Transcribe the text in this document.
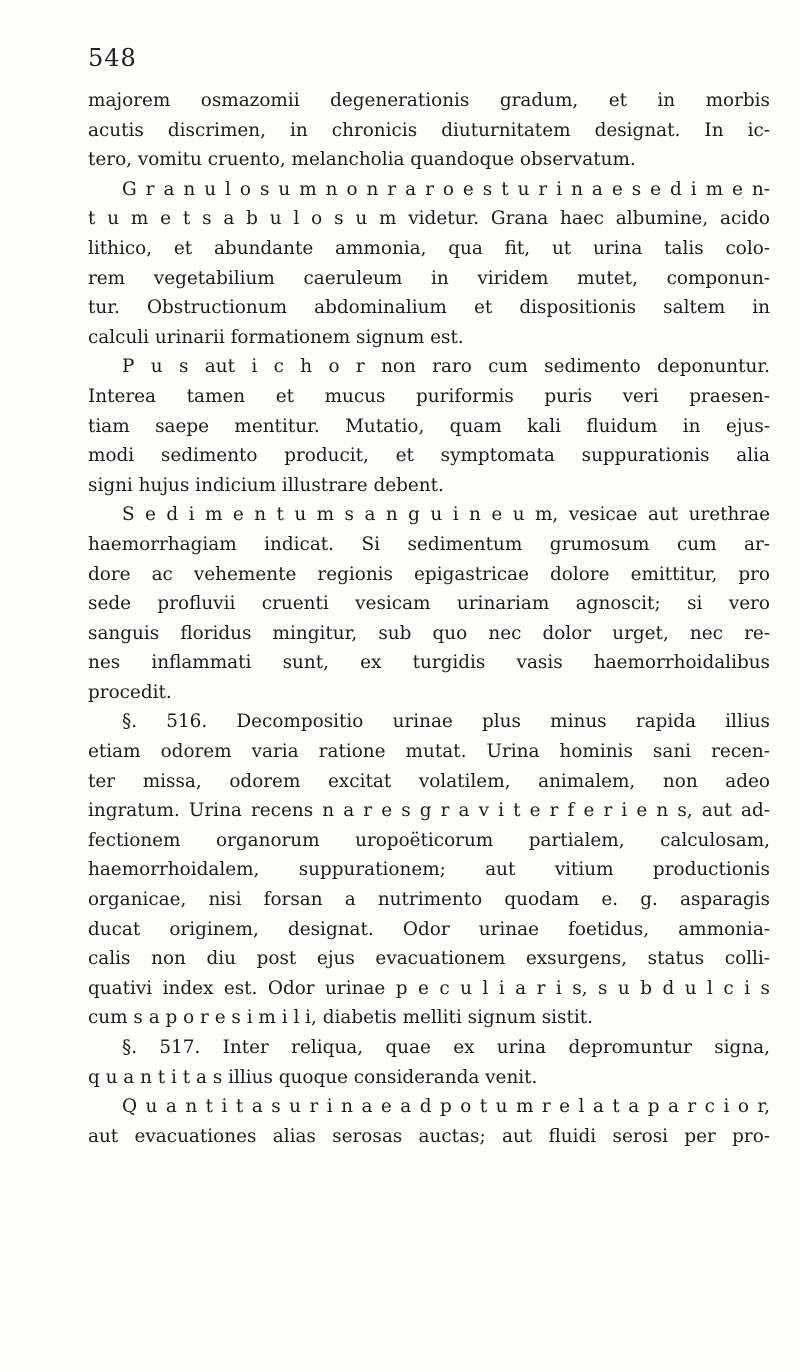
548
majorem osmazomii degenerationis gradum, et in morbis
acutis discrimen, in chronicis diuturnitatem designat. In ic-
tero, vomitu cruento, melancholia quandoque observatum.
G r a n u l o s u m n o n r a r o e s t u r i n a e s e d i m e n-
t u m e t s a b u l o s u m videtur. Grana haec albumine, acido
lithico, et abundante ammonia, qua fit, ut urina talis colo-
rem vegetabilium caeruleum in viridem mutet, componun-
tur. Obstructionum abdominalium et dispositionis saltem in
calculi urinarii formationem signum est.
P u s aut i c h o r non raro cum sedimento deponuntur.
Interea tamen et mucus puriformis puris veri praesen-
tiam saepe mentitur. Mutatio, quam kali fluidum in ejus-
modi sedimento producit, et symptomata suppurationis alia
signi hujus indicium illustrare debent.
S e d i m e n t u m s a n g u i n e u m, vesicae aut urethrae
haemorrhagiam indicat. Si sedimentum grumosum cum ar-
dore ac vehemente regionis epigastricae dolore emittitur, pro
sede profluvii cruenti vesicam urinariam agnoscit; si vero
sanguis floridus mingitur, sub quo nec dolor urget, nec re-
nes inflammati sunt, ex turgidis vasis haemorrhoidalibus
procedit.
§. 516. Decompositio urinae plus minus rapida illius
etiam odorem varia ratione mutat. Urina hominis sani recen-
ter missa, odorem excitat volatilem, animalem, non adeo
ingratum. Urina recens n a r e s g r a v i t e r f e r i e n s, aut ad-
fectionem organorum uropoëticorum partialem, calculosam,
haemorrhoidalem, suppurationem; aut vitium productionis
organicae, nisi forsan a nutrimento quodam e. g. asparagis
ducat originem, designat. Odor urinae foetidus, ammonia-
calis non diu post ejus evacuationem exsurgens, status colli-
quativi index est. Odor urinae p e c u l i a r i s, s u b d u l c i s
cum s a p o r e s i m i l i, diabetis melliti signum sistit.
§. 517. Inter reliqua, quae ex urina depromuntur signa,
q u a n t i t a s illius quoque consideranda venit.
Q u a n t i t a s u r i n a e a d p o t u m r e l a t a p a r c i o r,
aut evacuationes alias serosas auctas; aut fluidi serosi per pro-
